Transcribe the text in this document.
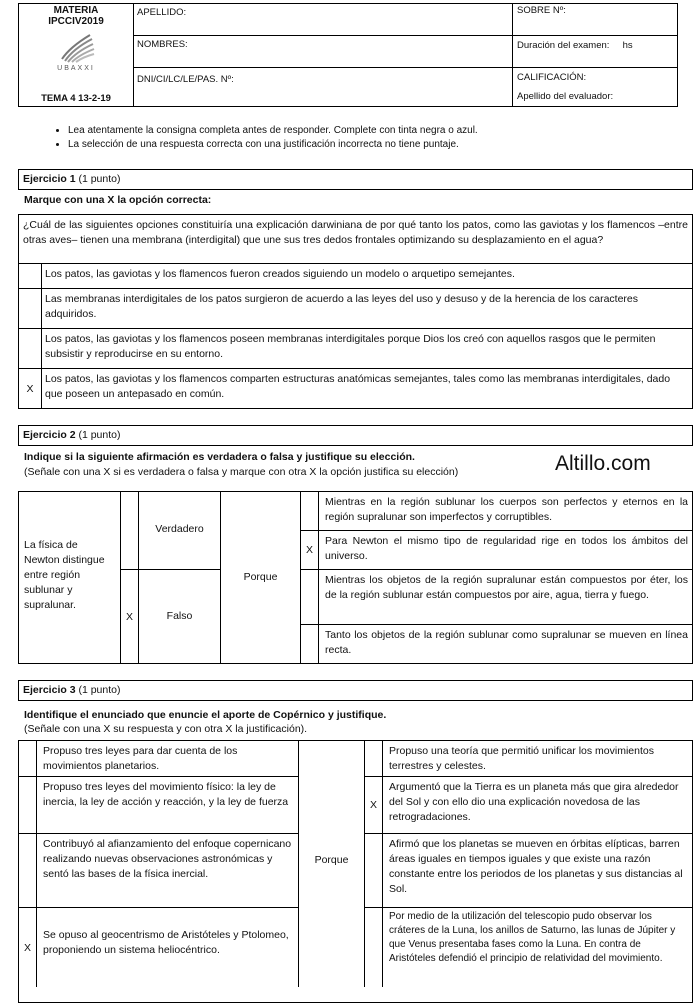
MATERIA
IPCCIV2019
UBAXXI
TEMA 4 13-2-19
APELLIDO:
NOMBRES:
DNI/CI/LC/LE/PAS. Nº:
SOBRE Nº:
Duración del examen:     hs
CALIFICACIÓN:
Apellido del evaluador:
• Lea atentamente la consigna completa antes de responder. Complete con tinta negra o azul.
• La selección de una respuesta correcta con una justificación incorrecta no tiene puntaje.
Ejercicio 1 (1 punto)
Marque con una X la opción correcta:
¿Cuál de las siguientes opciones constituiría una explicación darwiniana de por qué tanto los patos, como las gaviotas y los flamencos –entre otras aves– tienen una membrana (interdigital) que une sus tres dedos frontales optimizando su desplazamiento en el agua?
Los patos, las gaviotas y los flamencos fueron creados siguiendo un modelo o arquetipo semejantes.
Las membranas interdigitales de los patos surgieron de acuerdo a las leyes del uso y desuso y de la herencia de los caracteres adquiridos.
Los patos, las gaviotas y los flamencos poseen membranas interdigitales porque Dios los creó con aquellos rasgos que le permiten subsistir y reproducirse en su entorno.
X
Los patos, las gaviotas y los flamencos comparten estructuras anatómicas semejantes, tales como las membranas interdigitales, dado que poseen un antepasado en común.
Ejercicio 2 (1 punto)
Indique si la siguiente afirmación es verdadera o falsa y justifique su elección.
(Señale con una X si es verdadera o falsa y marque con otra X la opción justifica su elección)	Altillo.com
La física de Newton distingue entre región sublunar y supralunar.
X
Verdadero
Falso
Porque
Mientras en la región sublunar los cuerpos son perfectos y eternos en la región supralunar son imperfectos y corruptibles.
X
Para Newton el mismo tipo de regularidad rige en todos los ámbitos del universo.
Mientras los objetos de la región supralunar están compuestos por éter, los de la región sublunar están compuestos por aire, agua, tierra y fuego.
Tanto los objetos de la región sublunar como supralunar se mueven en línea recta.
Ejercicio 3 (1 punto)
Identifique el enunciado que enuncie el aporte de Copérnico y justifique.
(Señale con una X su respuesta y con otra X la justificación).
Propuso tres leyes para dar cuenta de los movimientos planetarios.
Propuso tres leyes del movimiento físico: la ley de inercia, la ley de acción y reacción, y la ley de fuerza
Contribuyó al afianzamiento del enfoque copernicano realizando nuevas observaciones astronómicas y sentó las bases de la física inercial.
X
Se opuso al geocentrismo de Aristóteles y Ptolomeo, proponiendo un sistema heliocéntrico.
Porque
Propuso una teoría que permitió unificar los movimientos terrestres y celestes.
X
Argumentó que la Tierra es un planeta más que gira alrededor del Sol y con ello dio una explicación novedosa de las retrogradaciones.
Afirmó que los planetas se mueven en órbitas elípticas, barren áreas iguales en tiempos iguales y que existe una razón constante entre los periodos de los planetas y sus distancias al Sol.
Por medio de la utilización del telescopio pudo observar los cráteres de la Luna, los anillos de Saturno, las lunas de Júpiter y que Venus presentaba fases como la Luna. En contra de Aristóteles defendió el principio de relatividad del movimiento.
